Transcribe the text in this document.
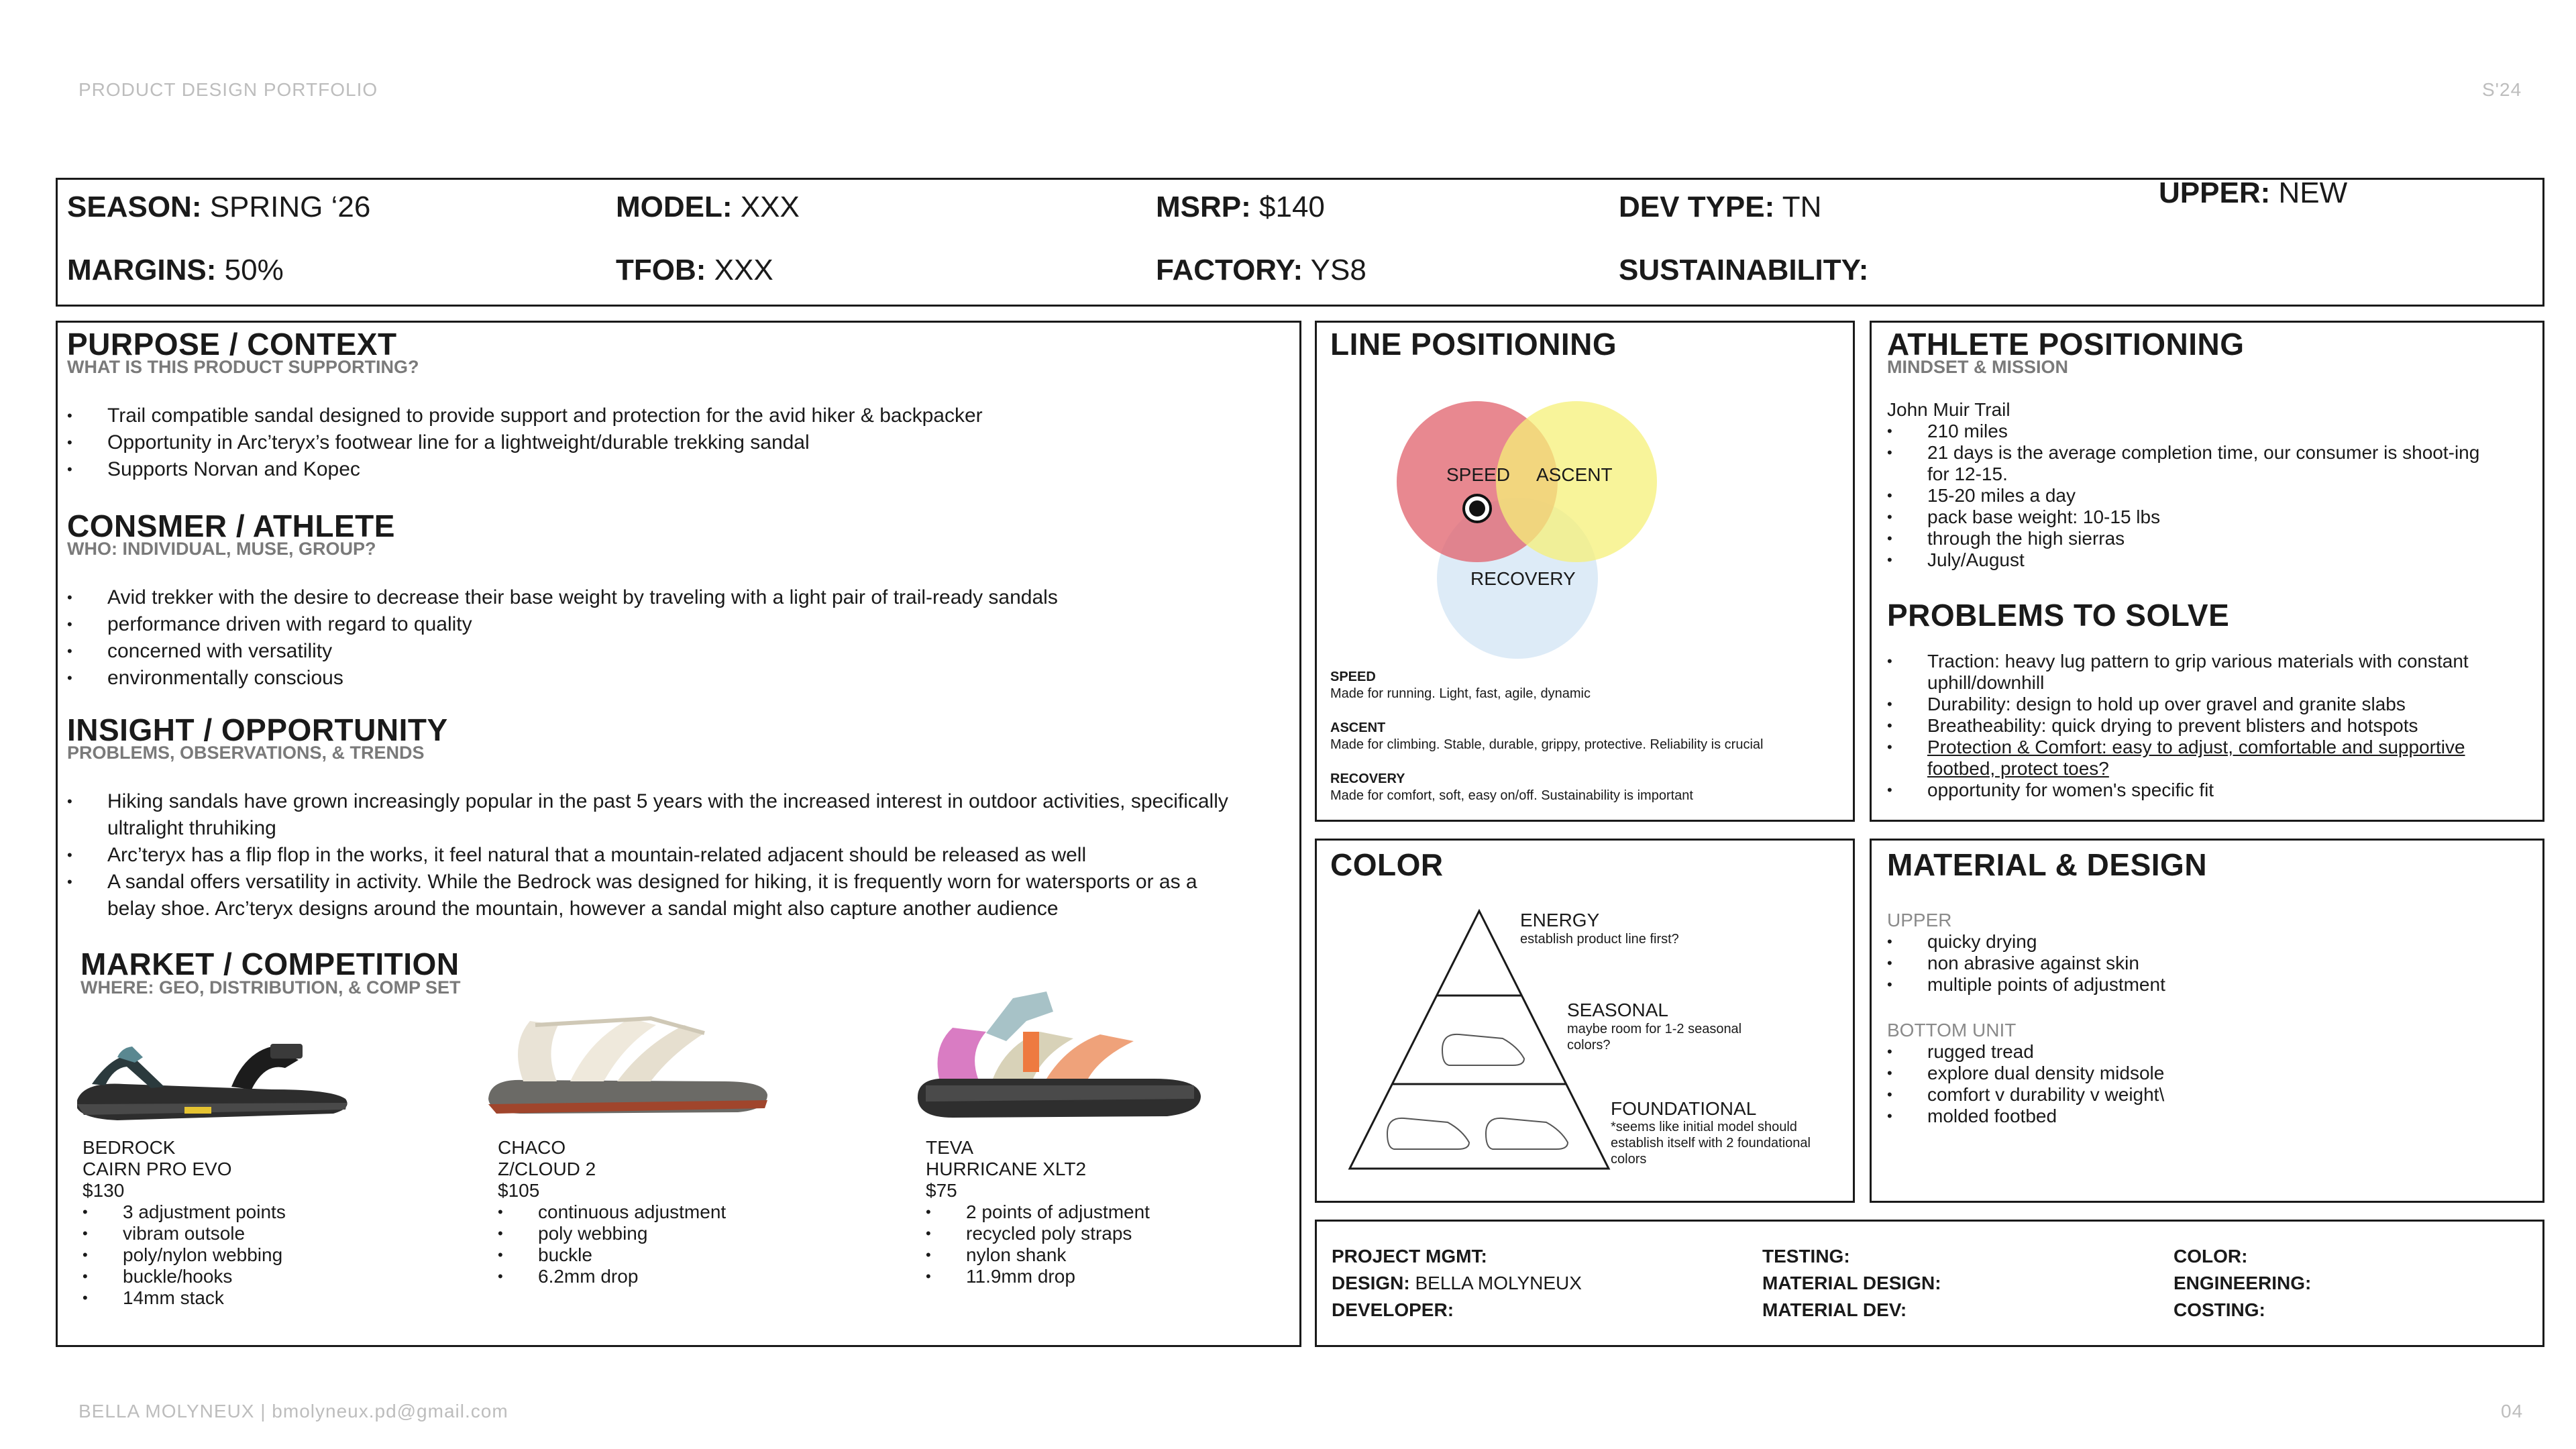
PRODUCT DESIGN PORTFOLIO	S'24
BELLA MOLYNEUX | bmolyneux.pd@gmail.com	04
SEASON: SPRING ‘26	MODEL: XXX	MSRP: $140	DEV TYPE: TN	UPPER: NEW
MARGINS: 50%	TFOB: XXX	FACTORY: YS8	SUSTAINABILITY:
PURPOSE / CONTEXT
WHAT IS THIS PRODUCT SUPPORTING?
• Trail compatible sandal designed to provide support and protection for the avid hiker & backpacker
• Opportunity in Arc’teryx’s footwear line for a lightweight/durable trekking sandal
• Supports Norvan and Kopec
CONSMER / ATHLETE
WHO: INDIVIDUAL, MUSE, GROUP?
• Avid trekker with the desire to decrease their base weight by traveling with a light pair of trail-ready sandals
• performance driven with regard to quality
• concerned with versatility
• environmentally conscious
INSIGHT / OPPORTUNITY
PROBLEMS, OBSERVATIONS, & TRENDS
• Hiking sandals have grown increasingly popular in the past 5 years with the increased interest in outdoor activities, specifically ultralight thruhiking
• Arc’teryx has a flip flop in the works, it feel natural that a mountain-related adjacent should be released as well
• A sandal offers versatility in activity. While the Bedrock was designed for hiking, it is frequently worn for watersports or as a belay shoe. Arc’teryx designs around the mountain, however a sandal might also capture another audience
MARKET / COMPETITION
WHERE: GEO, DISTRIBUTION, & COMP SET
BEDROCK
CAIRN PRO EVO
$130
• 3 adjustment points
• vibram outsole
• poly/nylon webbing
• buckle/hooks
• 14mm stack
CHACO
Z/CLOUD 2
$105
• continuous adjustment
• poly webbing
• buckle
• 6.2mm drop
TEVA
HURRICANE XLT2
$75
• 2 points of adjustment
• recycled poly straps
• nylon shank
• 11.9mm drop
LINE POSITIONING
SPEED ASCENT
RECOVERY
SPEED
Made for running. Light, fast, agile, dynamic
ASCENT
Made for climbing. Stable, durable, grippy, protective. Reliability is crucial
RECOVERY
Made for comfort, soft, easy on/off. Sustainability is important
ATHLETE POSITIONING
MINDSET & MISSION
John Muir Trail
• 210 miles
• 21 days is the average completion time, our consumer is shoot-ing for 12-15.
• 15-20 miles a day
• pack base weight: 10-15 lbs
• through the high sierras
• July/August
PROBLEMS TO SOLVE
• Traction: heavy lug pattern to grip various materials with constant uphill/downhill
• Durability: design to hold up over gravel and granite slabs
• Breatheability: quick drying to prevent blisters and hotspots
• Protection & Comfort: easy to adjust, comfortable and supportive footbed, protect toes?
• opportunity for women's specific fit
COLOR
ENERGY
establish product line first?
SEASONAL
maybe room for 1-2 seasonal colors?
FOUNDATIONAL
*seems like initial model should establish itself with 2 foundational colors
MATERIAL & DESIGN
UPPER
• quicky drying
• non abrasive against skin
• multiple points of adjustment
BOTTOM UNIT
• rugged tread
• explore dual density midsole
• comfort v durability v weight\
• molded footbed
PROJECT MGMT:
DESIGN: BELLA MOLYNEUX
DEVELOPER:
TESTING:
MATERIAL DESIGN:
MATERIAL DEV:
COLOR:
ENGINEERING:
COSTING:
